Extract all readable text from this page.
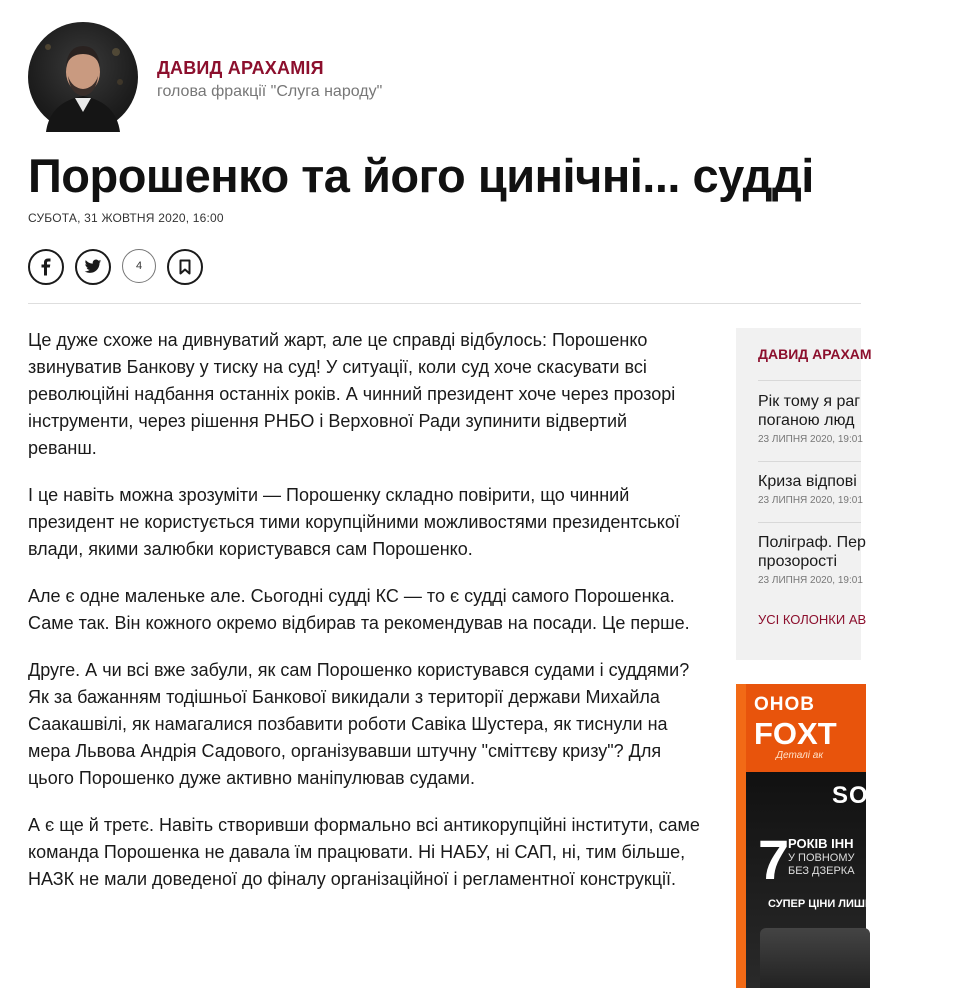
ДАВИД АРАХАМІЯ
голова фракції "Слуга народу"
Порошенко та його цинічні... судді
СУБОТА, 31 ЖОВТНЯ 2020, 16:00
4

Це дуже схоже на дивнуватий жарт, але це справді відбулось: Порошенко звинуватив Банкову у тиску на суд! У ситуації, коли суд хоче скасувати всі революційні надбання останніх років. А чинний президент хоче через прозорі інструменти, через рішення РНБО і Верховної Ради зупинити відвертий реванш.

І це навіть можна зрозуміти — Порошенку складно повірити, що чинний президент не користується тими корупційними можливостями президентської влади, якими залюбки користувався сам Порошенко.

Але є одне маленьке але. Сьогодні судді КС — то є судді самого Порошенка. Саме так. Він кожного окремо відбирав та рекомендував на посади. Це перше.

Друге. А чи всі вже забули, як сам Порошенко користувався судами і суддями? Як за бажанням тодішньої Банкової викидали з території держави Михайла Саакашвілі, як намагалися позбавити роботи Савіка Шустера, як тиснули на мера Львова Андрія Садового, організувавши штучну "сміттєву кризу"? Для цього Порошенко дуже активно маніпулював судами.

А є ще й третє. Навіть створивши формально всі антикорупційні інститути, саме команда Порошенка не давала їм працювати. Ні НАБУ, ні САП, ні, тим більше, НАЗК не мали доведеної до фіналу організаційної і регламентної конструкції.

ДАВИД АРАХАМ
Рік тому я раг
поганою люд
23 ЛИПНЯ 2020, 19:01
Криза відпові
23 ЛИПНЯ 2020, 19:01
Поліграф. Пер
прозорості
23 ЛИПНЯ 2020, 19:01
УСІ КОЛОНКИ АВ
ОНОВ
FOXT
Деталі ак
SO
7
РОКІВ ІНН
У ПОВНОМУ
БЕЗ ДЗЕРКА
СУПЕР ЦІНИ ЛИШЕ
